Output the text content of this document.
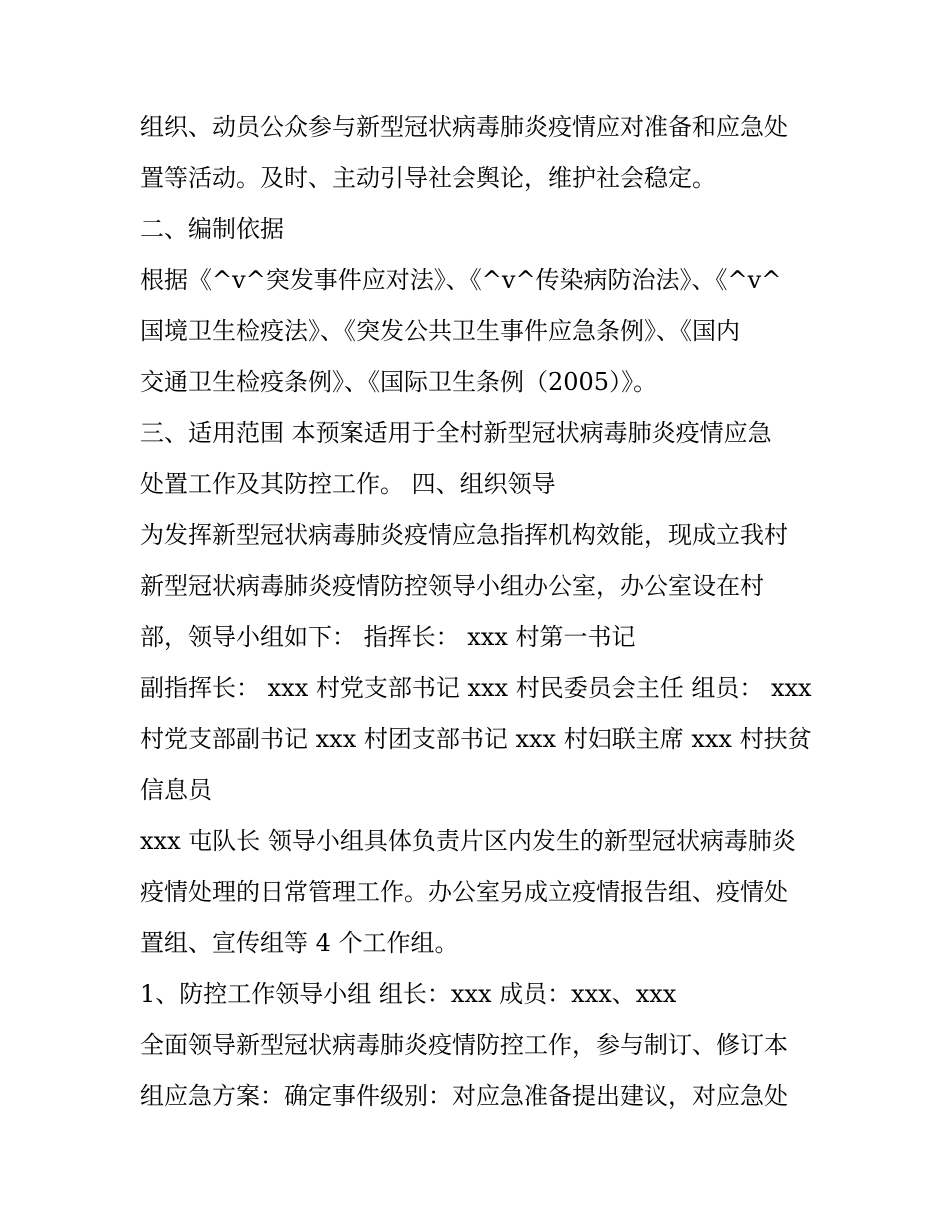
组织、动员公众参与新型冠状病毒肺炎疫情应对准备和应急处
置等活动。及时、主动引导社会舆论，维护社会稳定。
二、编制依据
根据《^v^突发事件应对法》、《^v^传染病防治法》、《^v^
国境卫生检疫法》、《突发公共卫生事件应急条例》、《国内
交通卫生检疫条例》、《国际卫生条例（2005）》。
三、适用范围 本预案适用于全村新型冠状病毒肺炎疫情应急
处置工作及其防控工作。 四、组织领导
为发挥新型冠状病毒肺炎疫情应急指挥机构效能，现成立我村
新型冠状病毒肺炎疫情防控领导小组办公室，办公室设在村
部，领导小组如下： 指挥长： xxx 村第一书记
副指挥长： xxx 村党支部书记 xxx 村民委员会主任 组员： xxx
村党支部副书记 xxx 村团支部书记 xxx 村妇联主席 xxx 村扶贫
信息员
xxx 屯队长 领导小组具体负责片区内发生的新型冠状病毒肺炎
疫情处理的日常管理工作。办公室另成立疫情报告组、疫情处
置组、宣传组等 4 个工作组。
1、防控工作领导小组 组长：xxx 成员：xxx、xxx
全面领导新型冠状病毒肺炎疫情防控工作，参与制订、修订本
组应急方案：确定事件级别：对应急准备提出建议，对应急处
